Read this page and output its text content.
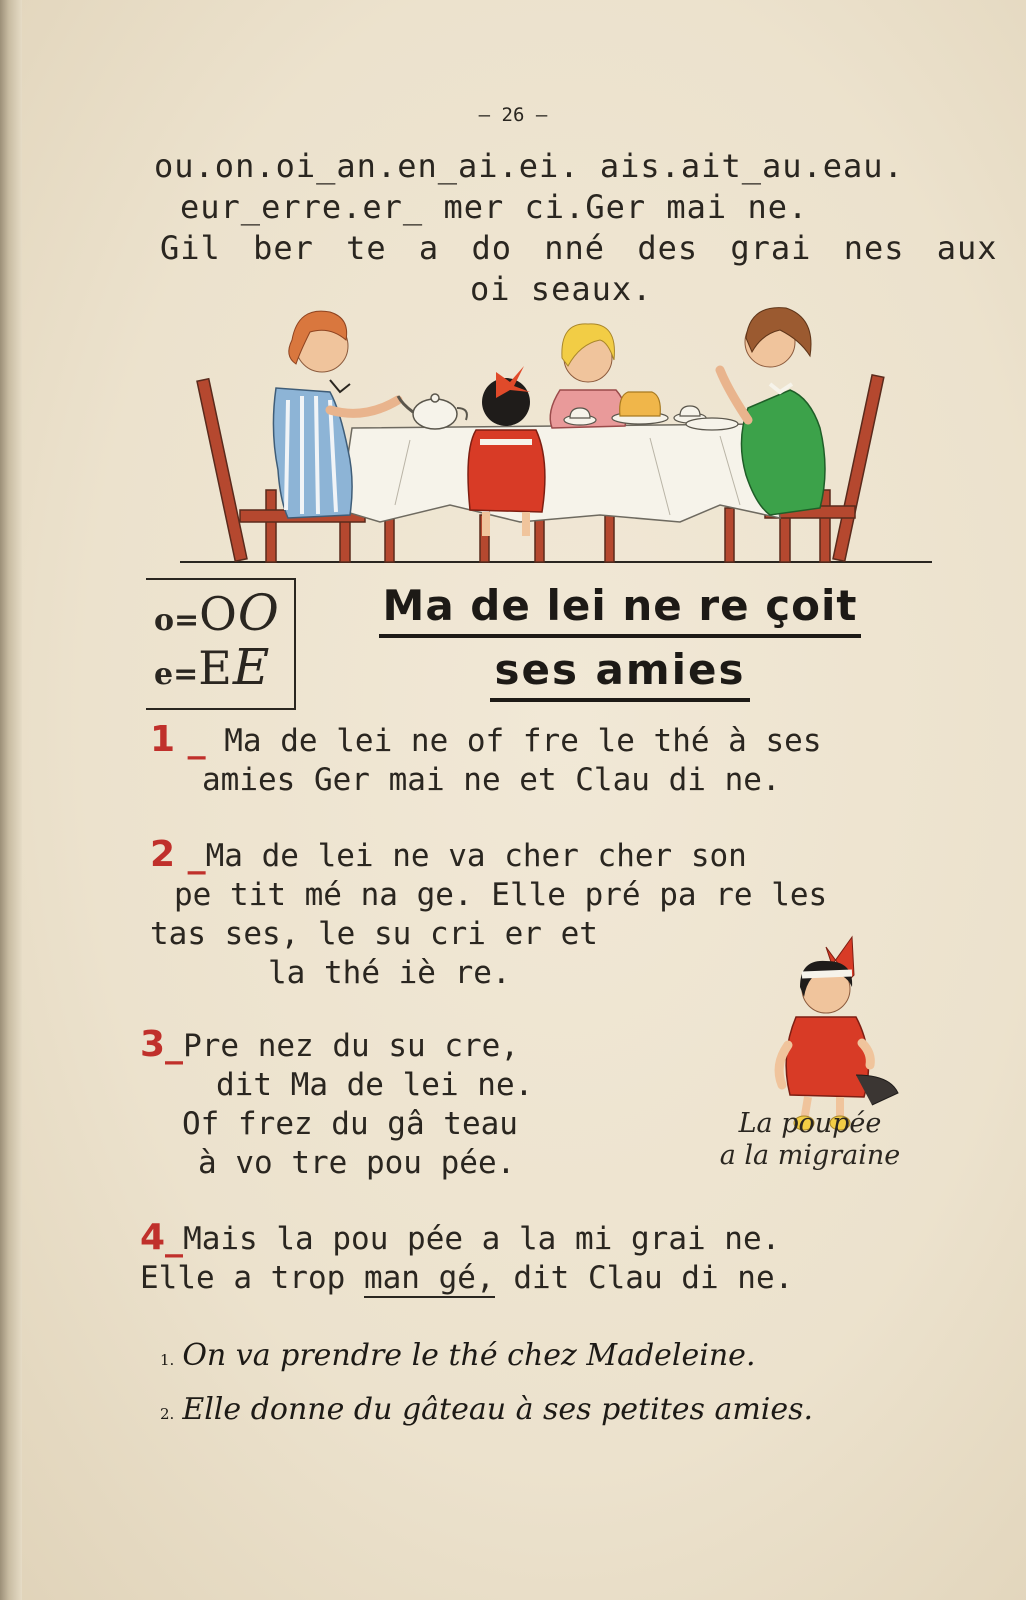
— 26 —
ou.on.oi_an.en_ai.ei. ais.ait_au.eau.
eur_erre.er_ mer ci.Ger mai ne.
Gil ber te a do nné des grai nes aux
oi seaux.
o=OO
e=EE
Ma de lei ne re çoit
ses amies
1 _ Ma de lei ne of fre le thé à ses
amies Ger mai ne et Clau di ne.
2 _Ma de lei ne va cher cher son
pe tit mé na ge. Elle pré pa re les
tas ses, le su cri er et
la thé iè re.
3_Pre nez du su cre,
dit Ma de lei ne.
Of frez du gâ teau
à vo tre pou pée.
La poupée
a la migraine
4_Mais la pou pée a la mi grai ne.
Elle a trop man gé, dit Clau di ne.
1. On va prendre le thé chez Madeleine.
2. Elle donne du gâteau à ses petites amies.
